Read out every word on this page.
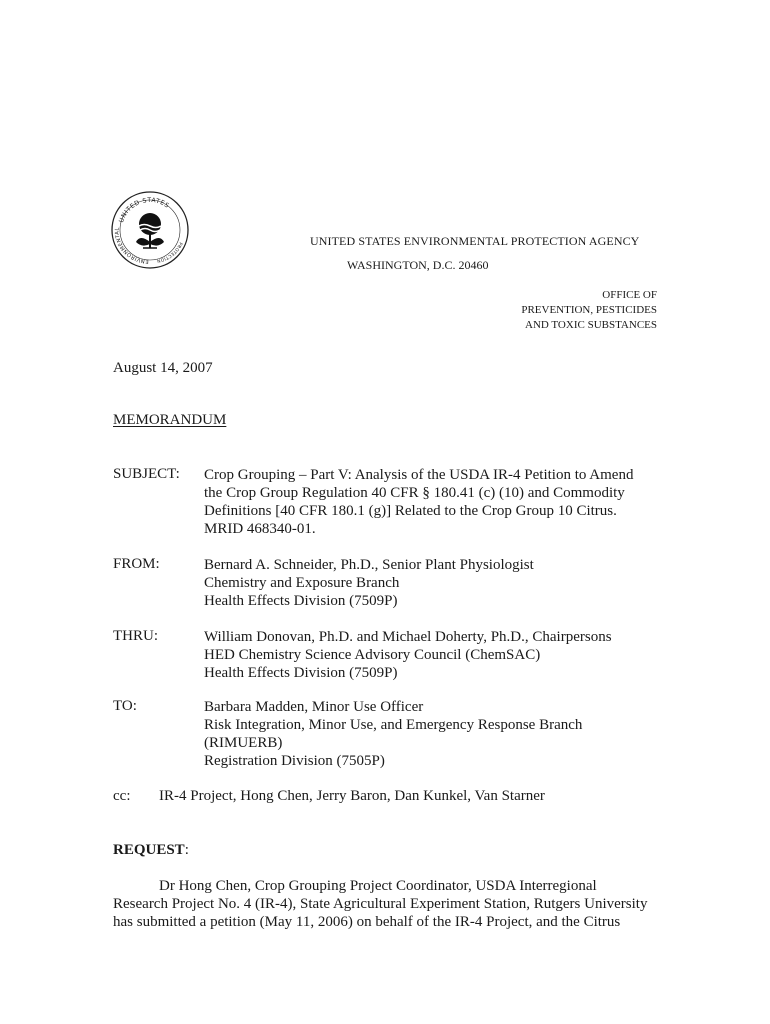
UNITED STATES
ENVIRONMENTAL
PROTECTION
UNITED STATES ENVIRONMENTAL PROTECTION AGENCY
WASHINGTON, D.C. 20460
OFFICE OF
PREVENTION, PESTICIDES
AND TOXIC SUBSTANCES
August 14, 2007
MEMORANDUM
SUBJECT: Crop Grouping – Part V: Analysis of the USDA IR-4 Petition to Amend
the Crop Group Regulation 40 CFR § 180.41 (c) (10) and Commodity
Definitions [40 CFR 180.1 (g)] Related to the Crop Group 10 Citrus.
MRID 468340-01.
FROM:	Bernard A. Schneider, Ph.D., Senior Plant Physiologist
Chemistry and Exposure Branch
Health Effects Division (7509P)
THRU:	William Donovan, Ph.D. and Michael Doherty, Ph.D., Chairpersons
HED Chemistry Science Advisory Council (ChemSAC)
Health Effects Division (7509P)
TO:	Barbara Madden, Minor Use Officer
Risk Integration, Minor Use, and Emergency Response Branch
(RIMUERB)
Registration Division (7505P)
cc: IR-4 Project, Hong Chen, Jerry Baron, Dan Kunkel, Van Starner
REQUEST:
Dr Hong Chen, Crop Grouping Project Coordinator, USDA Interregional
Research Project No. 4 (IR-4), State Agricultural Experiment Station, Rutgers University
has submitted a petition (May 11, 2006) on behalf of the IR-4 Project, and the Citrus
